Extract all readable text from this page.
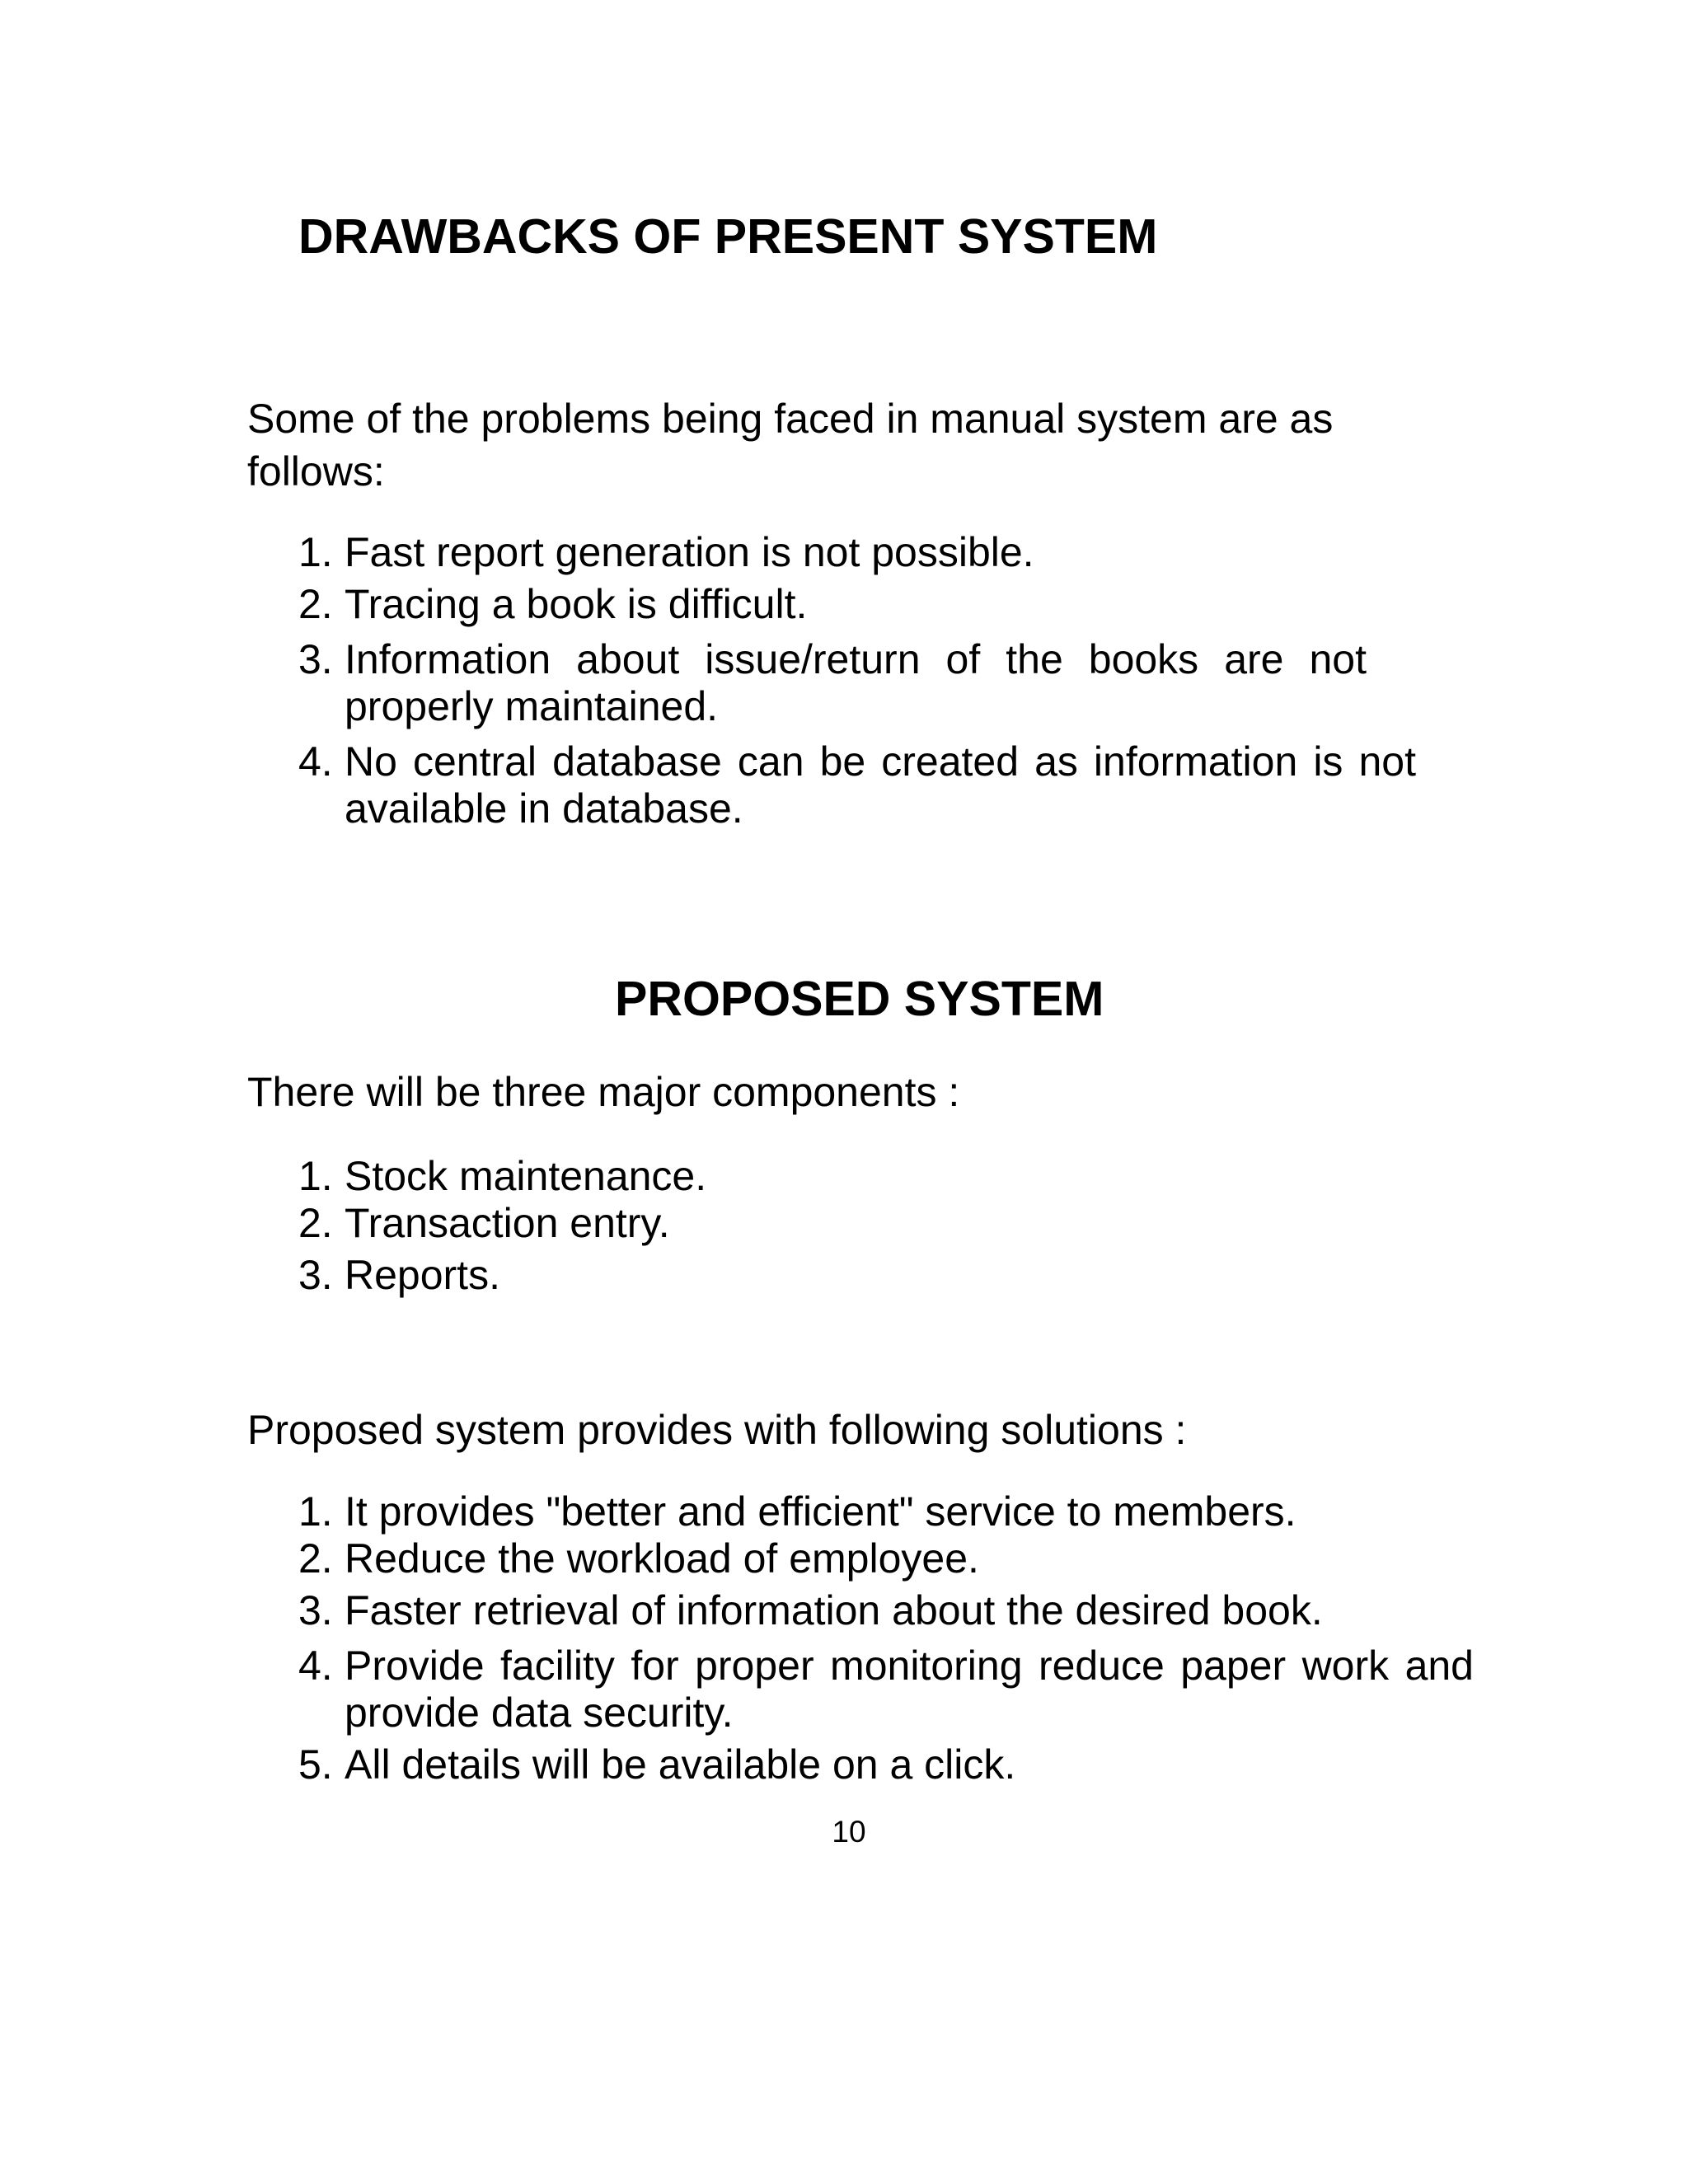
DRAWBACKS OF PRESENT SYSTEM

Some of the problems being faced in manual system are as follows:

1. Fast report generation is not possible.
2. Tracing a book is difficult.
3. Information about issue/return of the books are not properly maintained.
4. No central database can be created as information is not available in database.
PROPOSED SYSTEM

There will be three major components :

1. Stock maintenance.
2. Transaction entry.
3. Reports.

Proposed system provides with following solutions :

1. It provides "better and efficient" service to members.
2. Reduce the workload of employee.
3. Faster retrieval of information about the desired book.
4. Provide facility for proper monitoring reduce paper work and provide data security.
5. All details will be available on a click.
10
